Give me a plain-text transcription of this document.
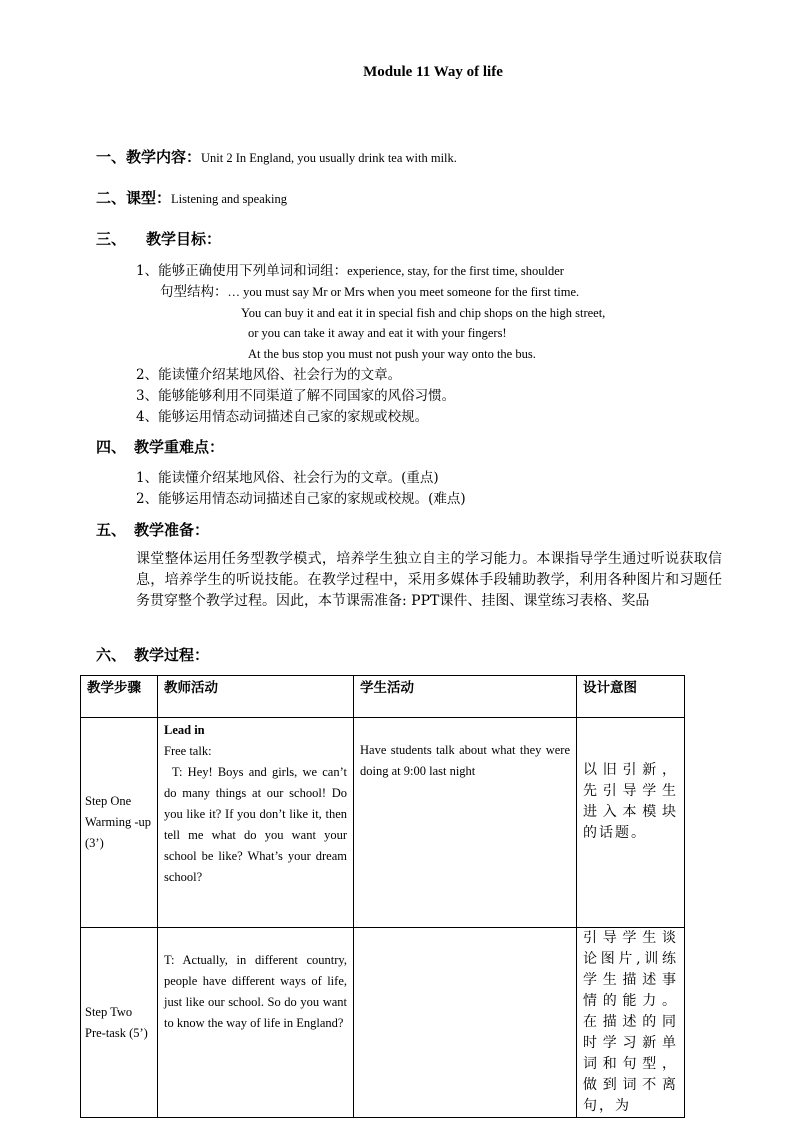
Module 11 Way of life
一、教学内容：Unit 2 In England, you usually drink tea with milk.
二、课型：Listening and speaking
三、 教学目标：
1、能够正确使用下列单词和词组：experience, stay, for the first time, shoulder
句型结构：… you must say Mr or Mrs when you meet someone for the first time.
You can buy it and eat it in special fish and chip shops on the high street,
or you can take it away and eat it with your fingers!
At the bus stop you must not push your way onto the bus.
2、能读懂介绍某地风俗、社会行为的文章。
3、能够能够利用不同渠道了解不同国家的风俗习惯。
4、能够运用情态动词描述自己家的家规或校规。
四、 教学重难点：
1、能读懂介绍某地风俗、社会行为的文章。(重点)
2、能够运用情态动词描述自己家的家规或校规。(难点)
五、 教学准备：
课堂整体运用任务型教学模式，培养学生独立自主的学习能力。本课指导学生通过听说获取信息，培养学生的听说技能。在教学过程中，采用多媒体手段辅助教学，利用各种图片和习题任务贯穿整个教学过程。因此，本节课需准备: PPT课件、挂图、课堂练习表格、奖品
六、 教学过程：
教学步骤	教师活动	学生活动	设计意图
Step One Warming -up (3’)	Lead in
Free talk:
T: Hey! Boys and girls, we can’t do many things at our school! Do you like it? If you don’t like it, then tell me what do you want your school be like? What’s your dream school?	Have students talk about what they were doing at 9:00 last night	以旧引新，先引导学生进入本模块的话题。
Step Two Pre-task (5’)	T: Actually, in different country, people have different ways of life, just like our school. So do you want to know the way of life in England?		引导学生谈论图片,训练学生描述事情的能力。在描述的同时学习新单词和句型，做到词不离句，为
